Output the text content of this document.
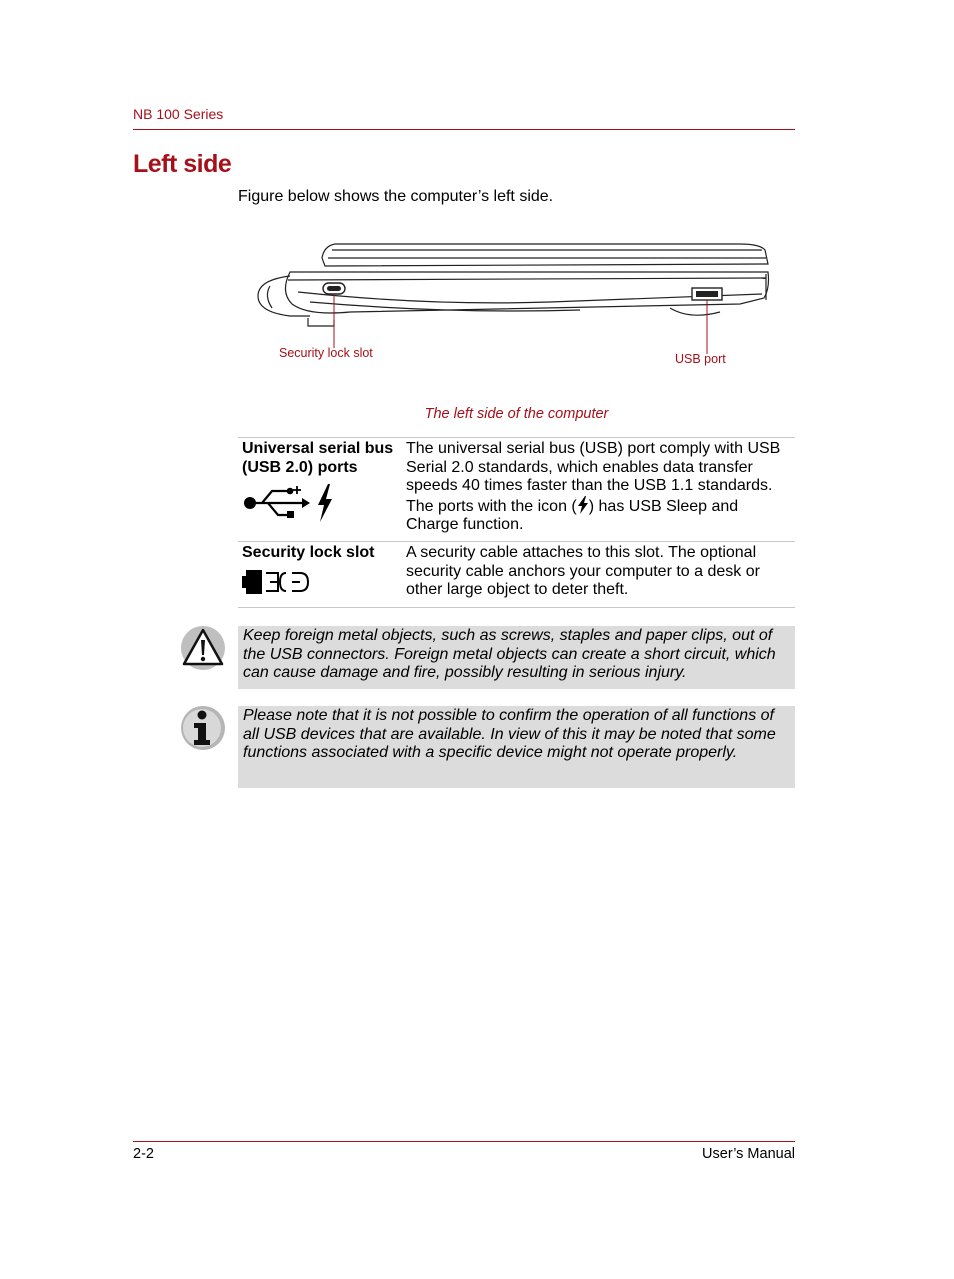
NB 100 Series
Left side
Figure below shows the computer’s left side.
Security lock slot	USB port
The left side of the computer
Universal serial bus (USB 2.0) ports	The universal serial bus (USB) port comply with USB Serial 2.0 standards, which enables data transfer speeds 40 times faster than the USB 1.1 standards. The ports with the icon ( ) has USB Sleep and Charge function.

Security lock slot	A security cable attaches to this slot. The optional security cable anchors your computer to a desk or other large object to deter theft.
Keep foreign metal objects, such as screws, staples and paper clips, out of the USB connectors. Foreign metal objects can create a short circuit, which can cause damage and fire, possibly resulting in serious injury.
Please note that it is not possible to confirm the operation of all functions of all USB devices that are available. In view of this it may be noted that some functions associated with a specific device might not operate properly.
2-2	User’s Manual
